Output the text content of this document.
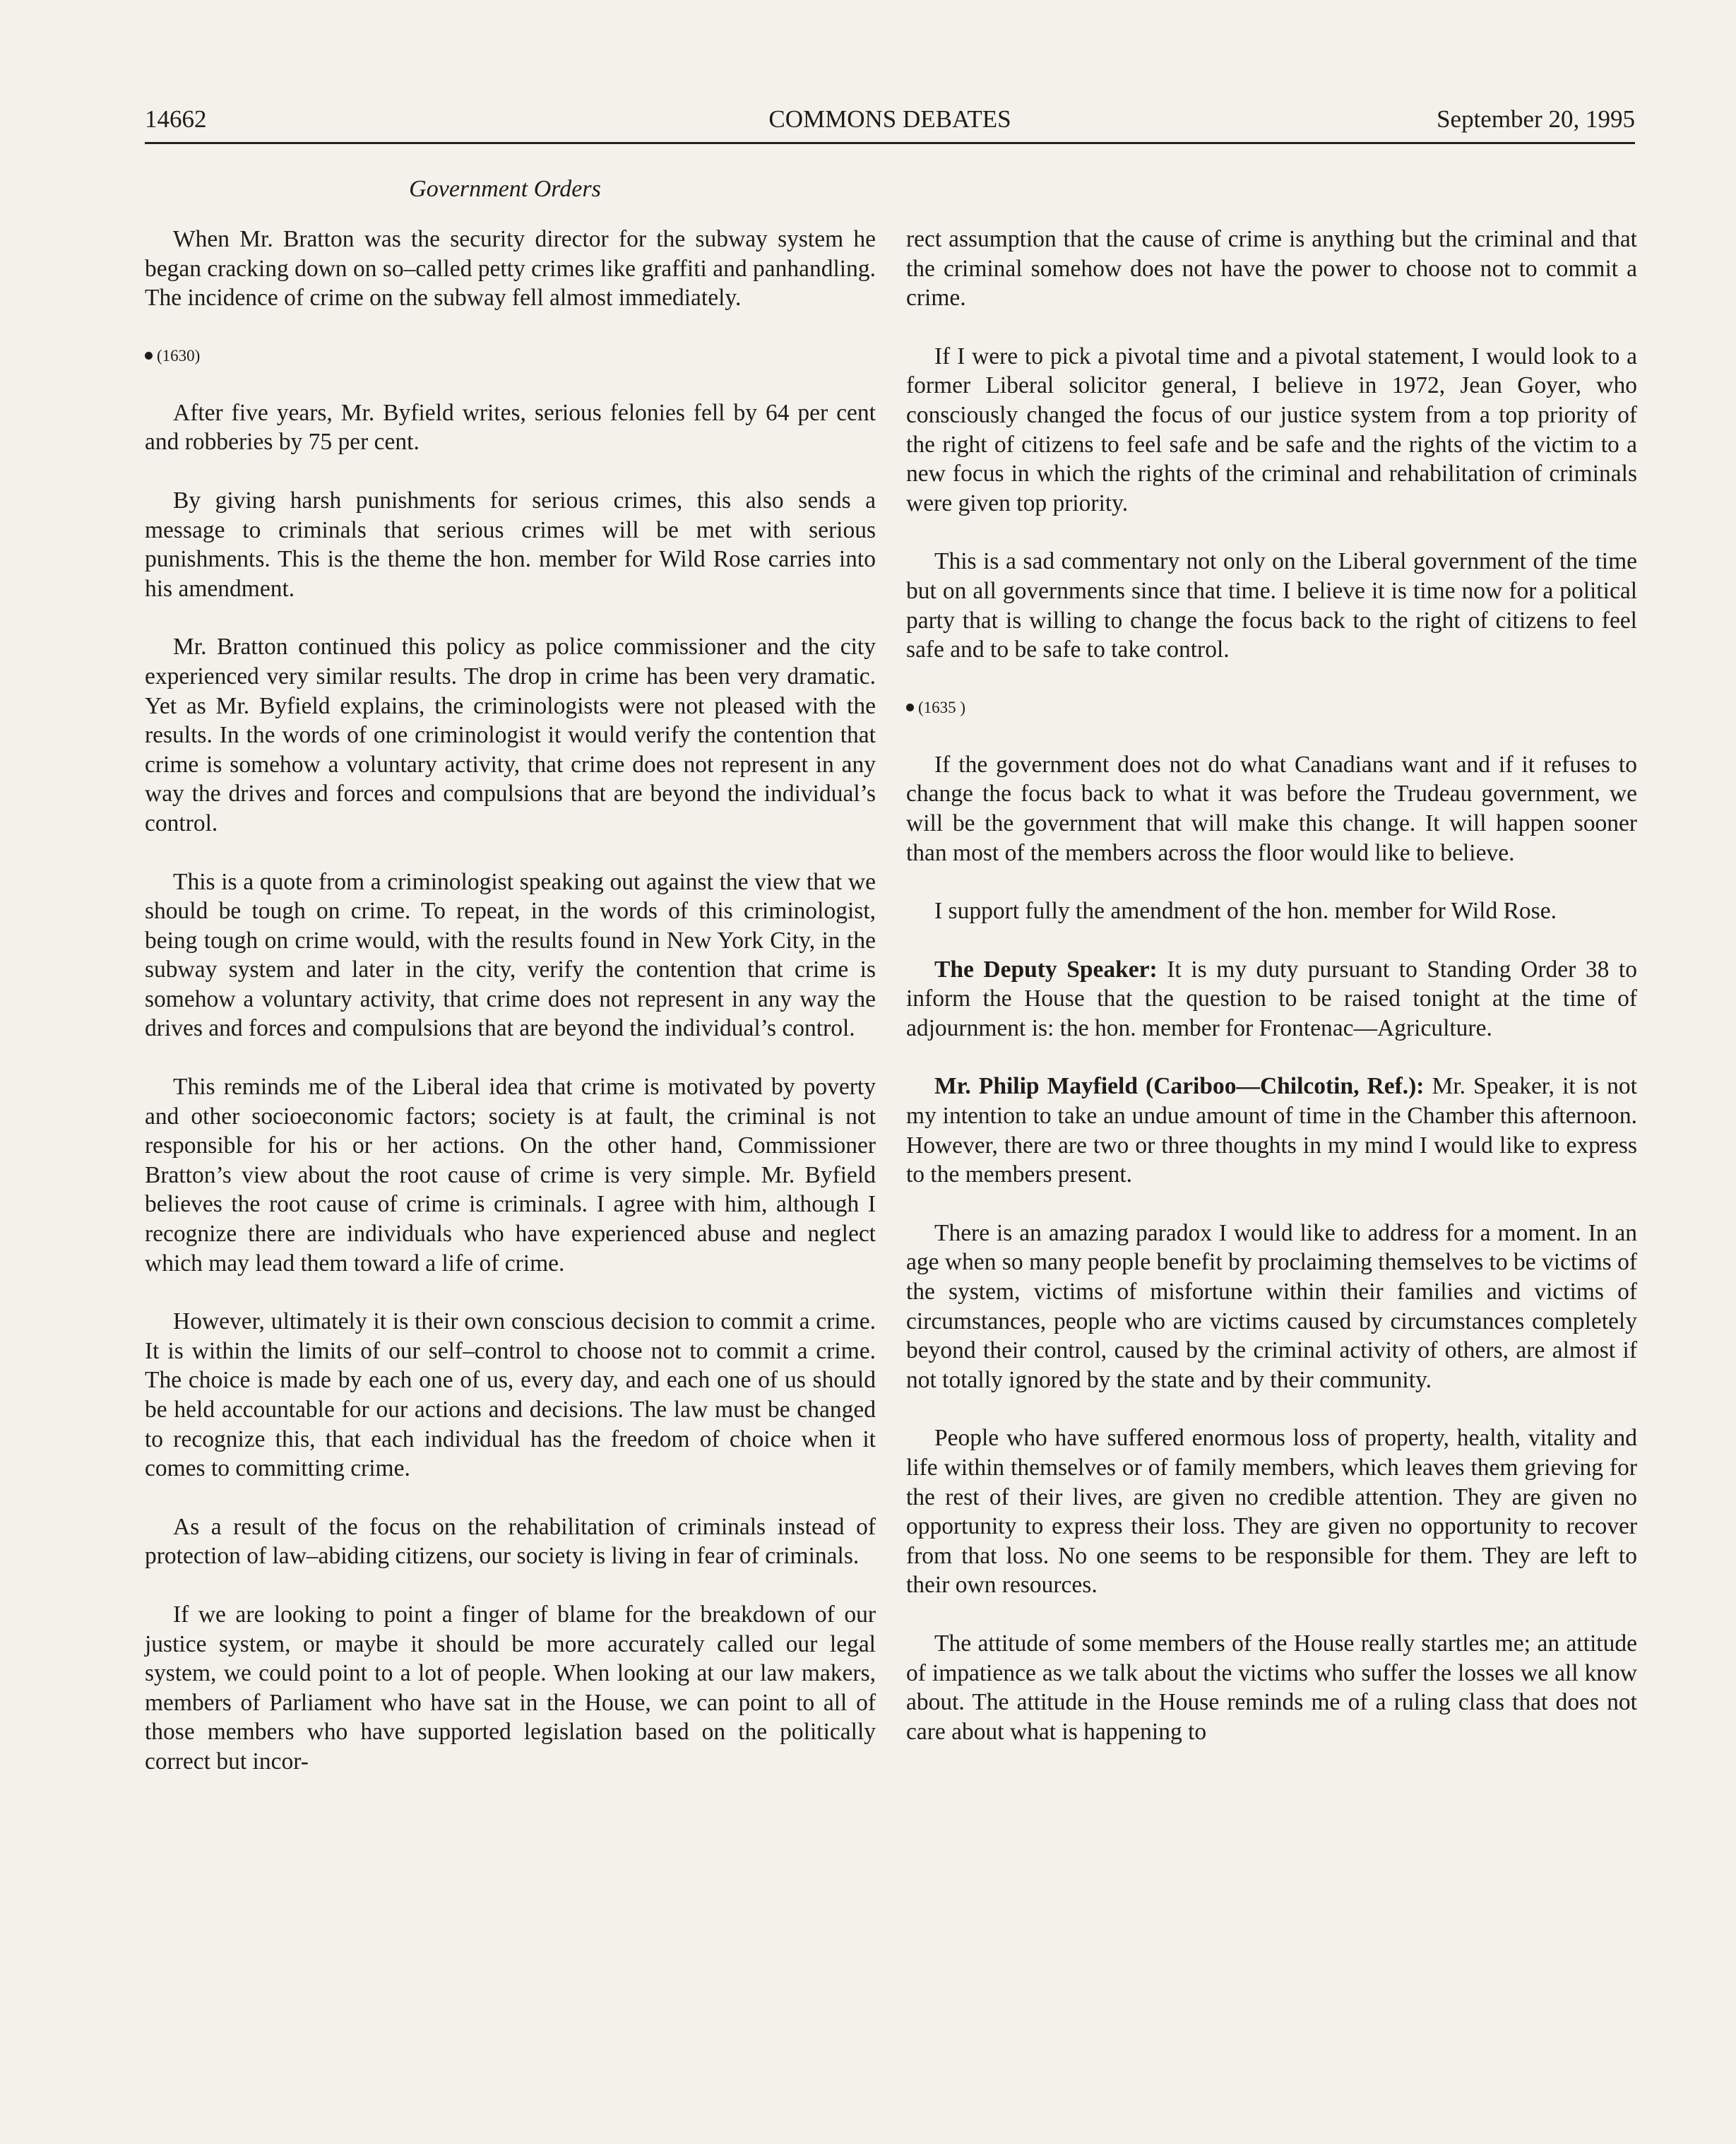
14662	COMMONS DEBATES	September 20, 1995
Government Orders

When Mr. Bratton was the security director for the subway system he began cracking down on so–called petty crimes like graffiti and panhandling. The incidence of crime on the subway fell almost immediately.

(1630)

After five years, Mr. Byfield writes, serious felonies fell by 64 per cent and robberies by 75 per cent.

By giving harsh punishments for serious crimes, this also sends a message to criminals that serious crimes will be met with serious punishments. This is the theme the hon. member for Wild Rose carries into his amendment.

Mr. Bratton continued this policy as police commissioner and the city experienced very similar results. The drop in crime has been very dramatic. Yet as Mr. Byfield explains, the criminologists were not pleased with the results. In the words of one criminologist it would verify the contention that crime is somehow a voluntary activity, that crime does not represent in any way the drives and forces and compulsions that are beyond the individual’s control.

This is a quote from a criminologist speaking out against the view that we should be tough on crime. To repeat, in the words of this criminologist, being tough on crime would, with the results found in New York City, in the subway system and later in the city, verify the contention that crime is somehow a voluntary activity, that crime does not represent in any way the drives and forces and compulsions that are beyond the individual’s control.

This reminds me of the Liberal idea that crime is motivated by poverty and other socioeconomic factors; society is at fault, the criminal is not responsible for his or her actions. On the other hand, Commissioner Bratton’s view about the root cause of crime is very simple. Mr. Byfield believes the root cause of crime is criminals. I agree with him, although I recognize there are individuals who have experienced abuse and neglect which may lead them toward a life of crime.

However, ultimately it is their own conscious decision to commit a crime. It is within the limits of our self–control to choose not to commit a crime. The choice is made by each one of us, every day, and each one of us should be held accountable for our actions and decisions. The law must be changed to recognize this, that each individual has the freedom of choice when it comes to committing crime.

As a result of the focus on the rehabilitation of criminals instead of protection of law–abiding citizens, our society is living in fear of criminals.

If we are looking to point a finger of blame for the breakdown of our justice system, or maybe it should be more accurately called our legal system, we could point to a lot of people. When looking at our law makers, members of Parliament who have sat in the House, we can point to all of those members who have supported legislation based on the politically correct but incor-

rect assumption that the cause of crime is anything but the criminal and that the criminal somehow does not have the power to choose not to commit a crime.

If I were to pick a pivotal time and a pivotal statement, I would look to a former Liberal solicitor general, I believe in 1972, Jean Goyer, who consciously changed the focus of our justice system from a top priority of the right of citizens to feel safe and be safe and the rights of the victim to a new focus in which the rights of the criminal and rehabilitation of criminals were given top priority.

This is a sad commentary not only on the Liberal government of the time but on all governments since that time. I believe it is time now for a political party that is willing to change the focus back to the right of citizens to feel safe and to be safe to take control.

(1635 )

If the government does not do what Canadians want and if it refuses to change the focus back to what it was before the Trudeau government, we will be the government that will make this change. It will happen sooner than most of the members across the floor would like to believe.

I support fully the amendment of the hon. member for Wild Rose.

The Deputy Speaker: It is my duty pursuant to Standing Order 38 to inform the House that the question to be raised tonight at the time of adjournment is: the hon. member for Frontenac—Agriculture.

Mr. Philip Mayfield (Cariboo—Chilcotin, Ref.): Mr. Speaker, it is not my intention to take an undue amount of time in the Chamber this afternoon. However, there are two or three thoughts in my mind I would like to express to the members present.

There is an amazing paradox I would like to address for a moment. In an age when so many people benefit by proclaiming themselves to be victims of the system, victims of misfortune within their families and victims of circumstances, people who are victims caused by circumstances completely beyond their control, caused by the criminal activity of others, are almost if not totally ignored by the state and by their community.

People who have suffered enormous loss of property, health, vitality and life within themselves or of family members, which leaves them grieving for the rest of their lives, are given no credible attention. They are given no opportunity to express their loss. They are given no opportunity to recover from that loss. No one seems to be responsible for them. They are left to their own resources.

The attitude of some members of the House really startles me; an attitude of impatience as we talk about the victims who suffer the losses we all know about. The attitude in the House reminds me of a ruling class that does not care about what is happening to
